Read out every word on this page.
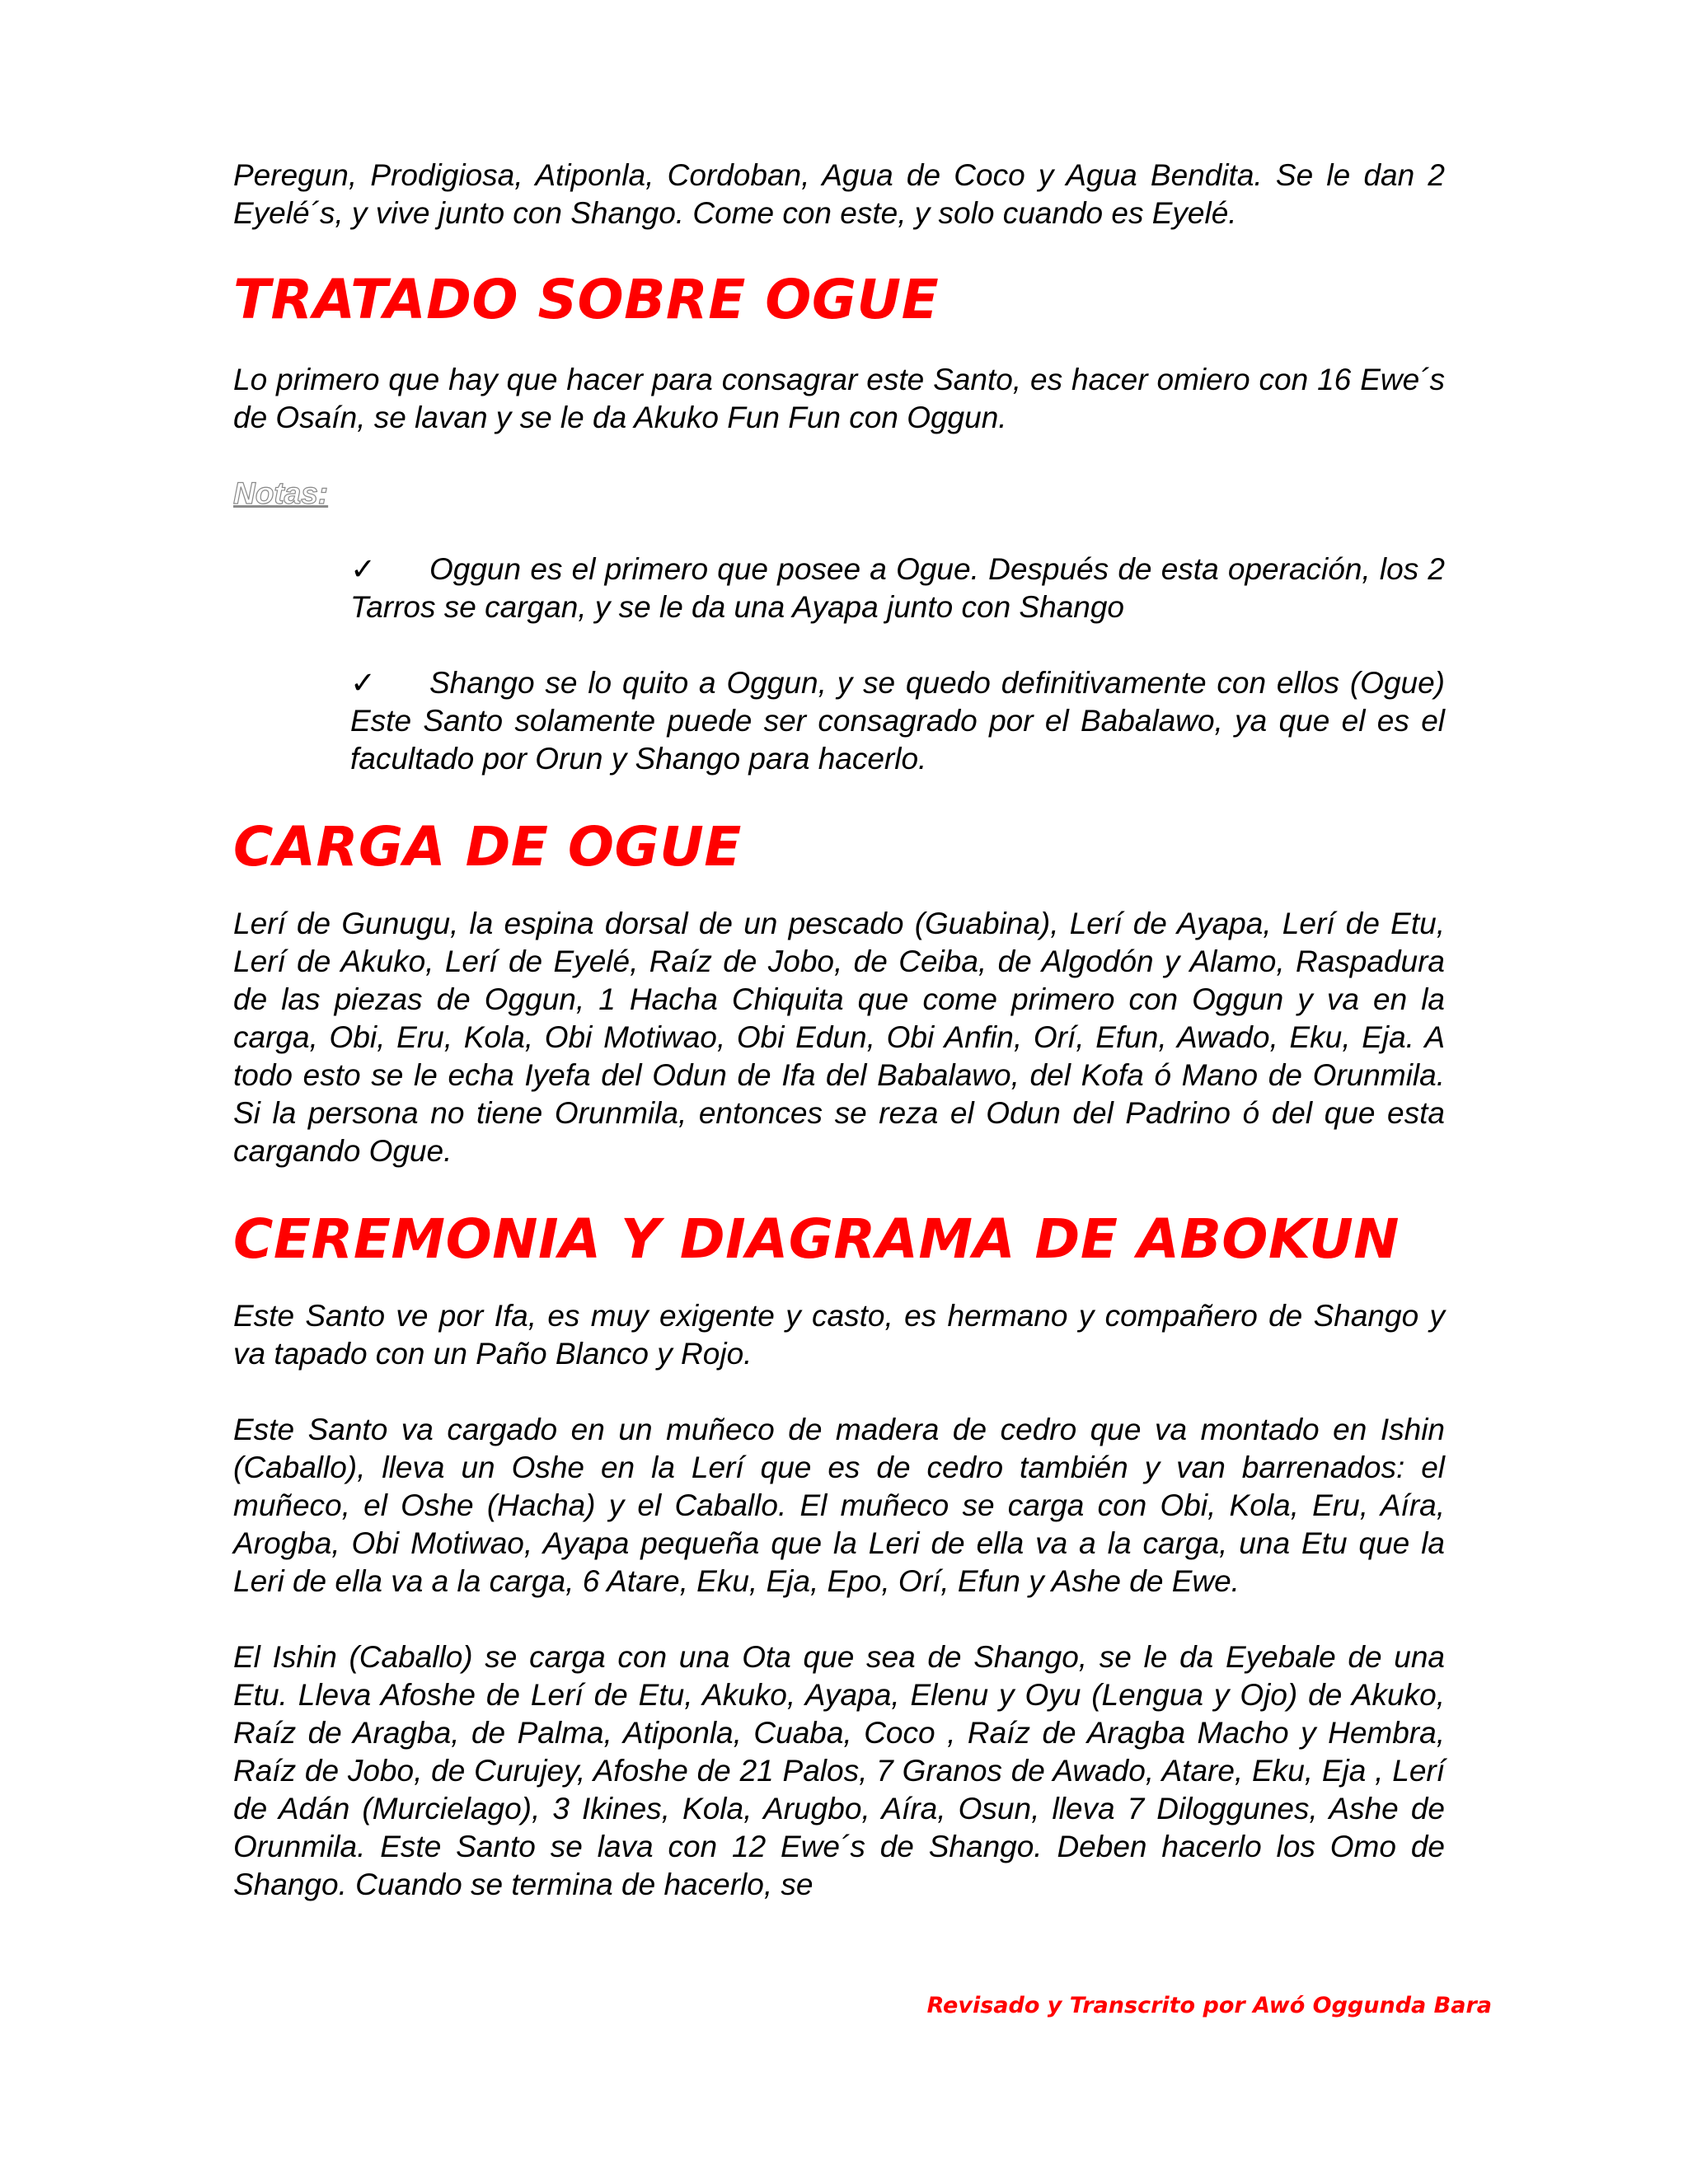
Peregun, Prodigiosa, Atiponla, Cordoban, Agua de Coco y Agua Bendita. Se le dan 2 Eyelé´s, y vive junto con Shango. Come con este, y solo cuando es Eyelé.

TRATADO SOBRE OGUE

Lo primero que hay que hacer para consagrar este Santo, es hacer omiero con 16 Ewe´s de Osaín, se lavan y se le da Akuko Fun Fun con Oggun.

Notas:

✓ Oggun es el primero que posee a Ogue. Después de esta operación, los 2 Tarros se cargan, y se le da una Ayapa junto con Shango

✓ Shango se lo quito a Oggun, y se quedo definitivamente con ellos (Ogue) Este Santo solamente puede ser consagrado por el Babalawo, ya que el es el facultado por Orun y Shango para hacerlo.

CARGA DE OGUE

Lerí de Gunugu, la espina dorsal de un pescado (Guabina), Lerí de Ayapa, Lerí de Etu, Lerí de Akuko, Lerí de Eyelé, Raíz de Jobo, de Ceiba, de Algodón y Alamo, Raspadura de las piezas de Oggun, 1 Hacha Chiquita que come primero con Oggun y va en la carga, Obi, Eru, Kola, Obi Motiwao, Obi Edun, Obi Anfin, Orí, Efun, Awado, Eku, Eja. A todo esto se le echa Iyefa del Odun de Ifa del Babalawo, del Kofa ó Mano de Orunmila. Si la persona no tiene Orunmila, entonces se reza el Odun del Padrino ó del que esta cargando Ogue.

CEREMONIA Y DIAGRAMA DE ABOKUN

Este Santo ve por Ifa, es muy exigente y casto, es hermano y compañero de Shango y va tapado con un Paño Blanco y Rojo.

Este Santo va cargado en un muñeco de madera de cedro que va montado en Ishin (Caballo), lleva un Oshe en la Lerí que es de cedro también y van barrenados: el muñeco, el Oshe (Hacha) y el Caballo. El muñeco se carga con Obi, Kola, Eru, Aíra, Arogba, Obi Motiwao, Ayapa pequeña que la Leri de ella va a la carga, una Etu que la Leri de ella va a la carga, 6 Atare, Eku, Eja, Epo, Orí, Efun y Ashe de Ewe.

El Ishin (Caballo) se carga con una Ota que sea de Shango, se le da Eyebale de una Etu. Lleva Afoshe de Lerí de Etu, Akuko, Ayapa, Elenu y Oyu (Lengua y Ojo) de Akuko, Raíz de Aragba, de Palma, Atiponla, Cuaba, Coco , Raíz de Aragba Macho y Hembra, Raíz de Jobo, de Curujey, Afoshe de 21 Palos, 7 Granos de Awado, Atare, Eku, Eja , Lerí de Adán (Murcielago), 3 Ikines, Kola, Arugbo, Aíra, Osun, lleva 7 Diloggunes, Ashe de Orunmila. Este Santo se lava con 12 Ewe´s de Shango. Deben hacerlo los Omo de Shango. Cuando se termina de hacerlo, se

Revisado y Transcrito por Awó Oggunda Bara
